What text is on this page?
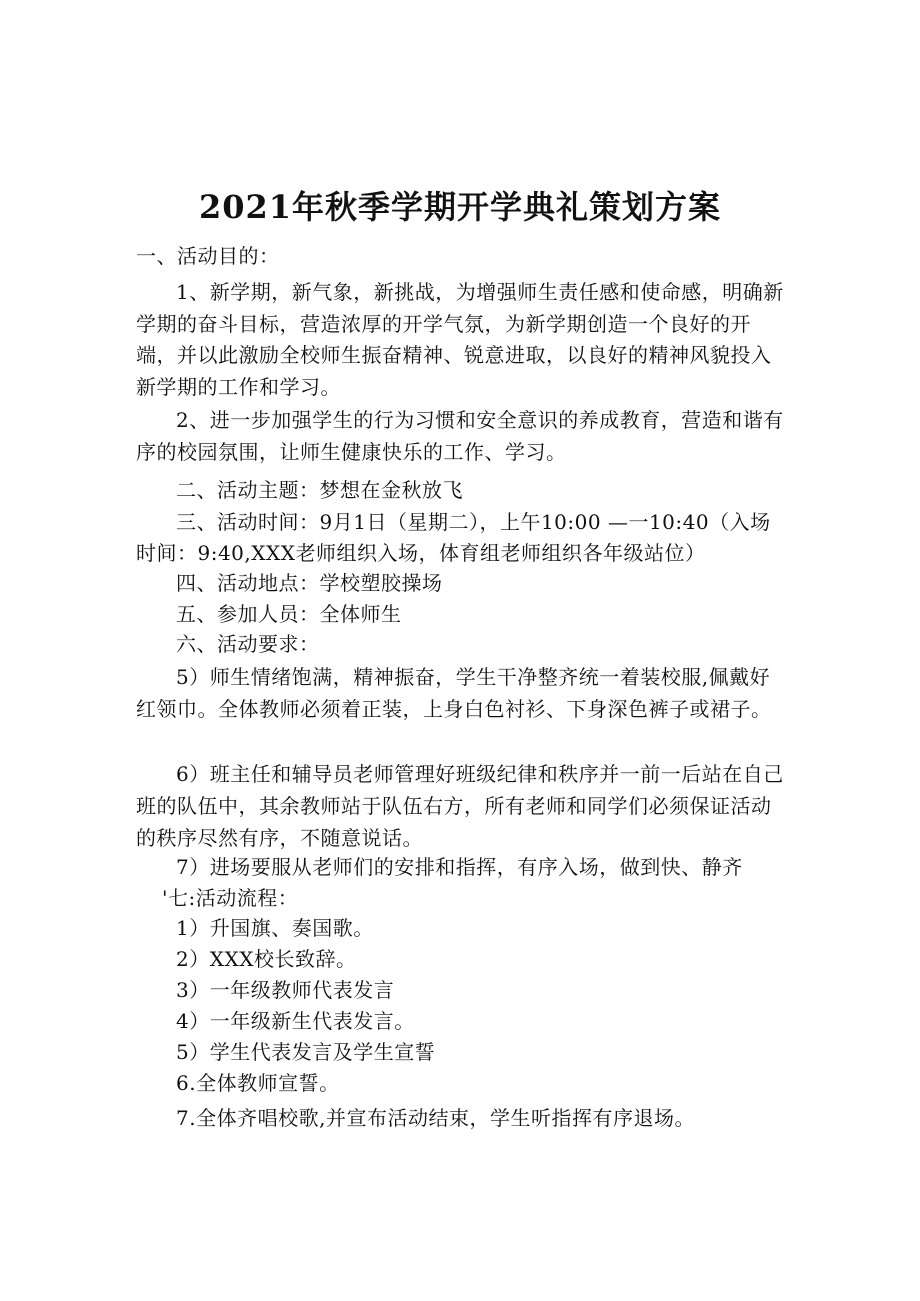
2021年秋季学期开学典礼策划方案

一、活动目的：

1、新学期，新气象，新挑战，为增强师生责任感和使命感，明确新学期的奋斗目标，营造浓厚的开学气氛，为新学期创造一个良好的开端，并以此激励全校师生振奋精神、锐意进取，以良好的精神风貌投入新学期的工作和学习。

2、进一步加强学生的行为习惯和安全意识的养成教育，营造和谐有序的校园氛围，让师生健康快乐的工作、学习。

二、活动主题：梦想在金秋放飞

三、活动时间：9月1日（星期二），上午10:00 —一10:40（入场时间：9:40,XXX老师组织入场，体育组老师组织各年级站位）

四、活动地点：学校塑胶操场

五、参加人员：全体师生

六、活动要求：

5）师生情绪饱满，精神振奋，学生干净整齐统一着装校服,佩戴好红领巾。全体教师必须着正装，上身白色衬衫、下身深色裤子或裙子。

6）班主任和辅导员老师管理好班级纪律和秩序并一前一后站在自己班的队伍中，其余教师站于队伍右方，所有老师和同学们必须保证活动的秩序尽然有序，不随意说话。

7）进场要服从老师们的安排和指挥，有序入场，做到快、静齐

'七:活动流程：

1）升国旗、奏国歌。

2）XXX校长致辞。

3）一年级教师代表发言

4）一年级新生代表发言。

5）学生代表发言及学生宣誓

6.全体教师宣誓。

7.全体齐唱校歌,并宣布活动结束，学生听指挥有序退场。
